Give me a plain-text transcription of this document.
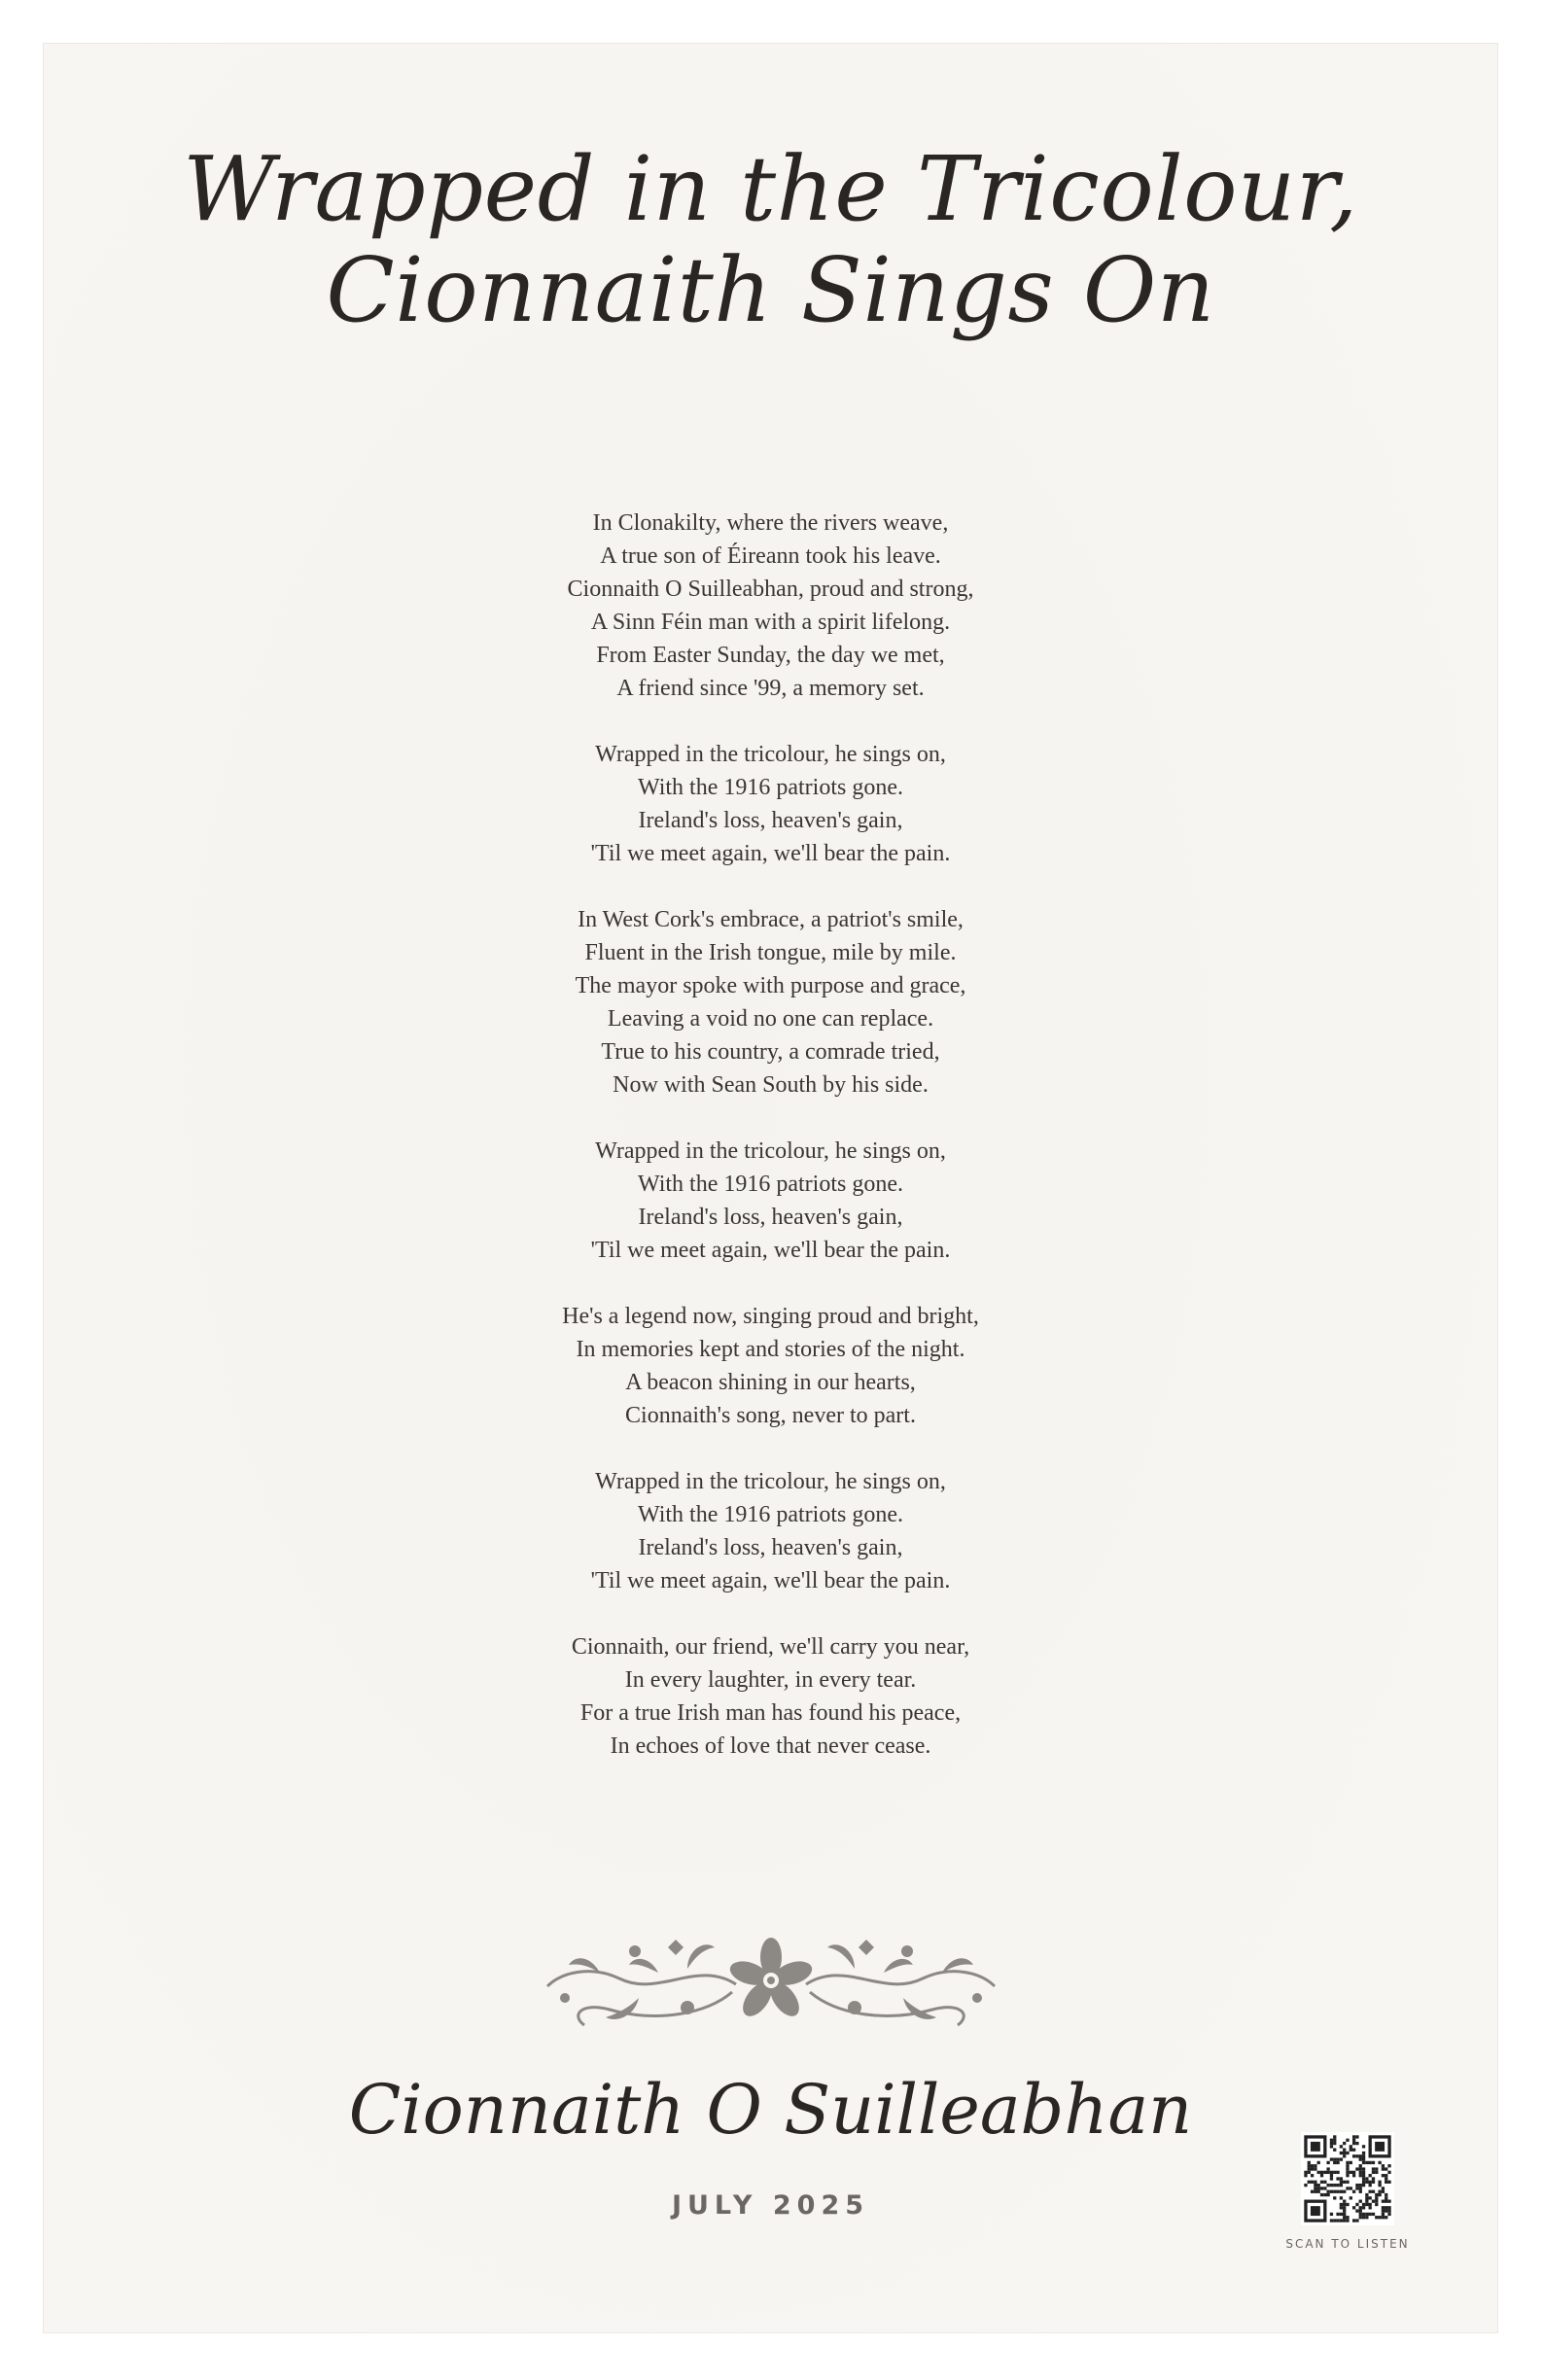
Wrapped in the Tricolour,
Cionnaith Sings On
In Clonakilty, where the rivers weave,
A true son of Éireann took his leave.
Cionnaith O Suilleabhan, proud and strong,
A Sinn Féin man with a spirit lifelong.
From Easter Sunday, the day we met,
A friend since '99, a memory set.
Wrapped in the tricolour, he sings on,
With the 1916 patriots gone.
Ireland's loss, heaven's gain,
'Til we meet again, we'll bear the pain.
In West Cork's embrace, a patriot's smile,
Fluent in the Irish tongue, mile by mile.
The mayor spoke with purpose and grace,
Leaving a void no one can replace.
True to his country, a comrade tried,
Now with Sean South by his side.
Wrapped in the tricolour, he sings on,
With the 1916 patriots gone.
Ireland's loss, heaven's gain,
'Til we meet again, we'll bear the pain.
He's a legend now, singing proud and bright,
In memories kept and stories of the night.
A beacon shining in our hearts,
Cionnaith's song, never to part.
Wrapped in the tricolour, he sings on,
With the 1916 patriots gone.
Ireland's loss, heaven's gain,
'Til we meet again, we'll bear the pain.
Cionnaith, our friend, we'll carry you near,
In every laughter, in every tear.
For a true Irish man has found his peace,
In echoes of love that never cease.
Cionnaith O Suilleabhan
JULY 2025
SCAN TO LISTEN
